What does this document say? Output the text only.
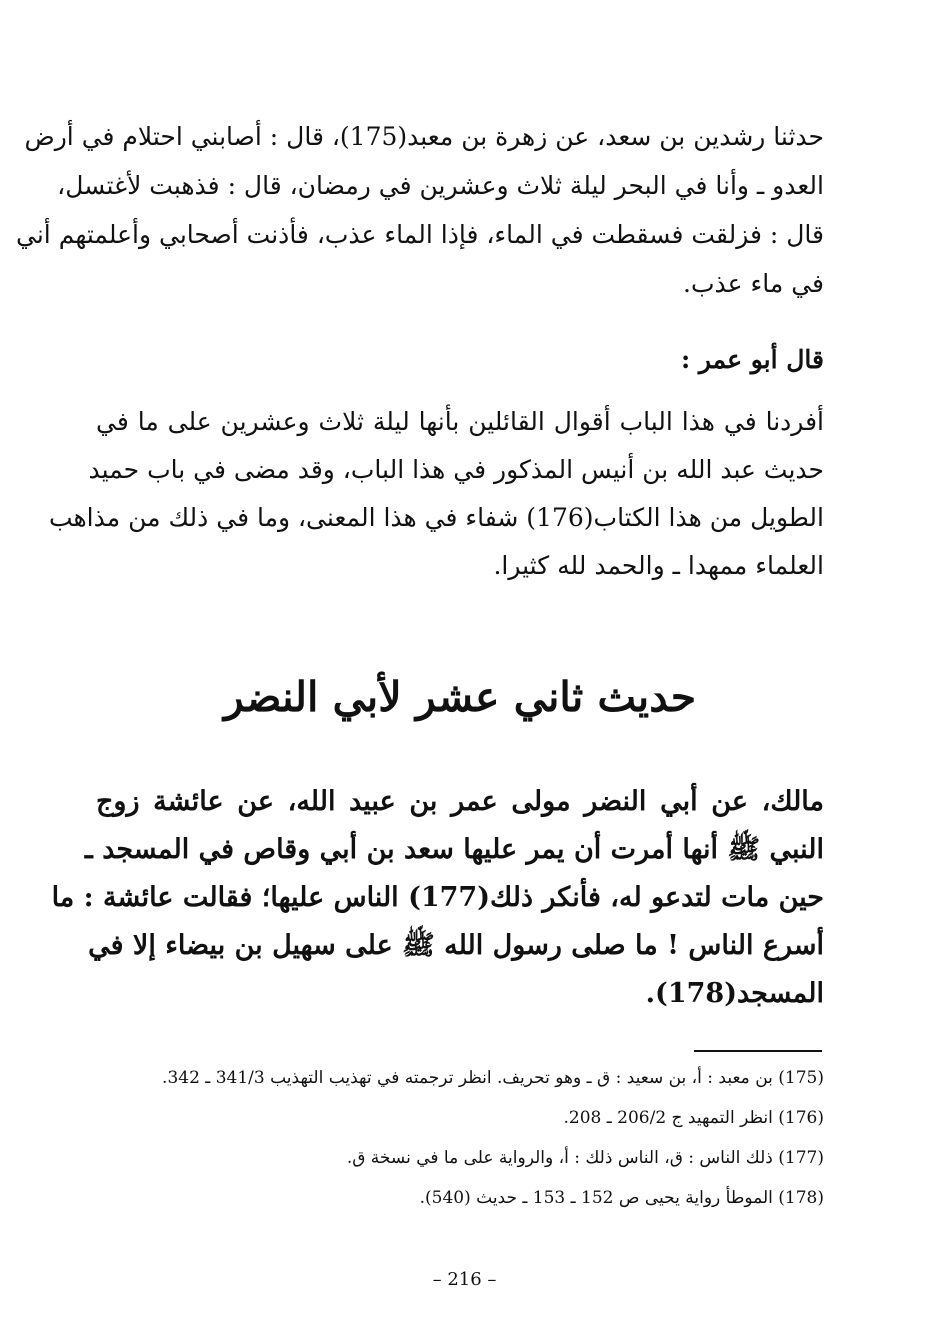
حدثنا رشدين بن سعد، عن زهرة بن معبد(175)، قال : أصابني احتلام في أرض
العدو ـ وأنا في البحر ليلة ثلاث وعشرين في رمضان، قال : فذهبت لأغتسل،
قال : فزلقت فسقطت في الماء، فإذا الماء عذب، فأذنت أصحابي وأعلمتهم أني
في ماء عذب.
قال أبو عمر :
أفردنا في هذا الباب أقوال القائلين بأنها ليلة ثلاث وعشرين على ما في
حديث عبد الله بن أنيس المذكور في هذا الباب، وقد مضى في باب حميد
الطويل من هذا الكتاب(176) شفاء في هذا المعنى، وما في ذلك من مذاهب
العلماء ممهدا ـ والحمد لله كثيرا.
حديث ثاني عشر لأبي النضر
مالك، عن أبي النضر مولى عمر بن عبيد الله، عن عائشة زوج
النبي ﷺ أنها أمرت أن يمر عليها سعد بن أبي وقاص في المسجد ـ
حين مات لتدعو له، فأنكر ذلك(177) الناس عليها؛ فقالت عائشة : ما
أسرع الناس ! ما صلى رسول الله ﷺ على سهيل بن بيضاء إلا في
المسجد(178).
(175) بن معبد : أ، بن سعيد : ق ـ وهو تحريف. انظر ترجمته في تهذيب التهذيب 341/3 ـ 342.
(176) انظر التمهيد ج 206/2 ـ 208.
(177) ذلك الناس : ق، الناس ذلك : أ، والرواية على ما في نسخة ق.
(178) الموطأ رواية يحيى ص 152 ـ 153 ـ حديث (540).
– 216 –
